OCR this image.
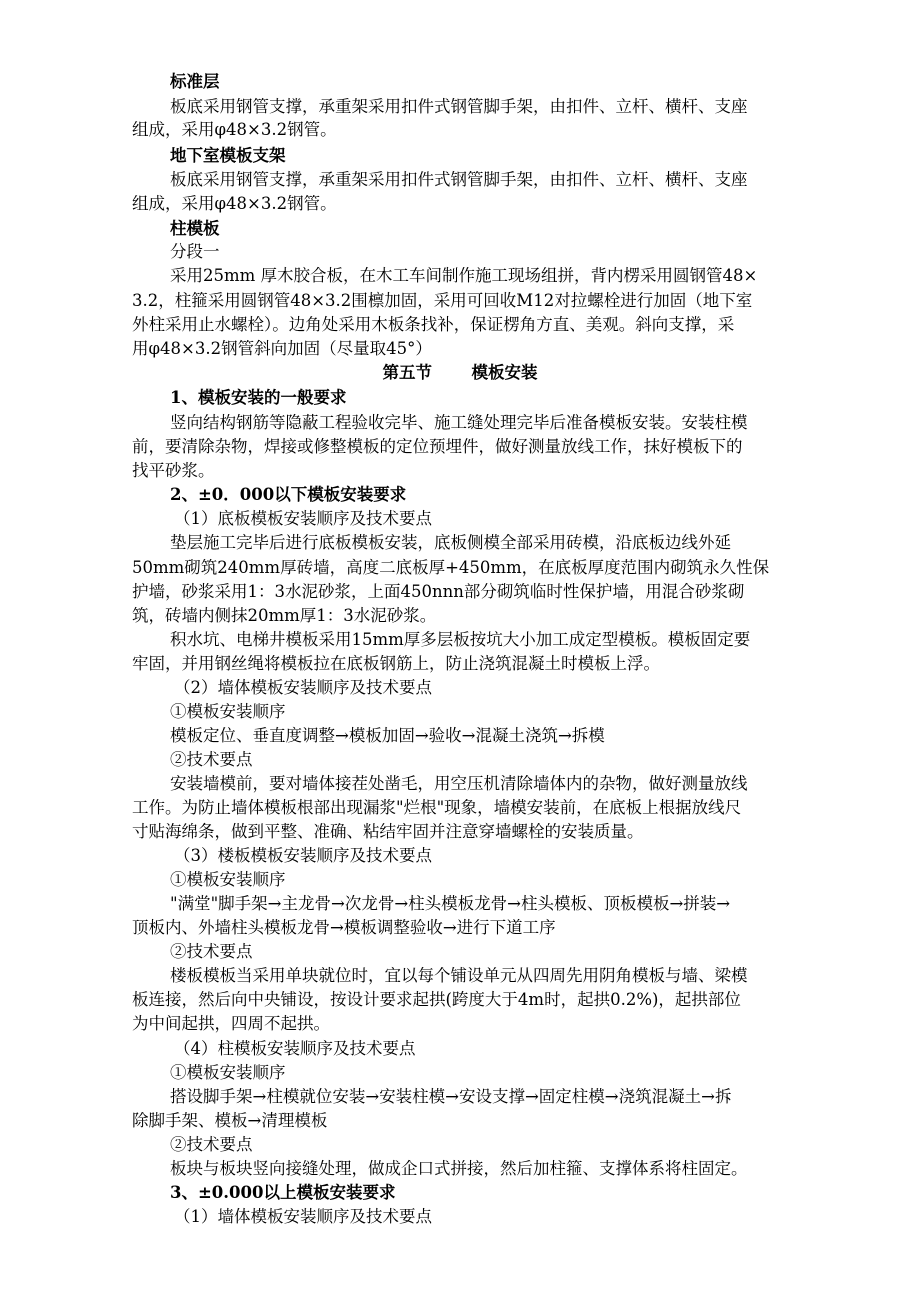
标准层
板底采用钢管支撑，承重架采用扣件式钢管脚手架，由扣件、立杆、横杆、支座
组成，采用φ48×3.2钢管。
地下室模板支架
板底采用钢管支撑，承重架采用扣件式钢管脚手架，由扣件、立杆、横杆、支座
组成，采用φ48×3.2钢管。
柱模板
分段一
采用25mm 厚木胶合板，在木工车间制作施工现场组拼，背内楞采用圆钢管48×
3.2，柱箍采用圆钢管48×3.2围檩加固，采用可回收M12对拉螺栓进行加固（地下室
外柱采用止水螺栓）。边角处采用木板条找补，保证楞角方直、美观。斜向支撑，采
用φ48×3.2钢管斜向加固（尽量取45°）
第五节 模板安装
1、模板安装的一般要求
竖向结构钢筋等隐蔽工程验收完毕、施工缝处理完毕后准备模板安装。安装柱模
前，要清除杂物，焊接或修整模板的定位预埋件，做好测量放线工作，抹好模板下的
找平砂浆。
2、±0．000以下模板安装要求
（1）底板模板安装顺序及技术要点
垫层施工完毕后进行底板模板安装，底板侧模全部采用砖模，沿底板边线外延
50mm砌筑240mm厚砖墙，高度二底板厚+450mm，在底板厚度范围内砌筑永久性保
护墙，砂浆采用1：3水泥砂浆，上面450nnn部分砌筑临时性保护墙，用混合砂浆砌
筑，砖墙内侧抹20mm厚1：3水泥砂浆。
积水坑、电梯井模板采用15mm厚多层板按坑大小加工成定型模板。模板固定要
牢固，并用钢丝绳将模板拉在底板钢筋上，防止浇筑混凝土时模板上浮。
（2）墙体模板安装顺序及技术要点
①模板安装顺序
模板定位、垂直度调整→模板加固→验收→混凝土浇筑→拆模
②技术要点
安装墙模前，要对墙体接茬处凿毛，用空压机清除墙体内的杂物，做好测量放线
工作。为防止墙体模板根部出现漏浆"烂根"现象，墙模安装前，在底板上根据放线尺
寸贴海绵条，做到平整、准确、粘结牢固并注意穿墙螺栓的安装质量。
（3）楼板模板安装顺序及技术要点
①模板安装顺序
"满堂"脚手架→主龙骨→次龙骨→柱头模板龙骨→柱头模板、顶板模板→拼装→
顶板内、外墙柱头模板龙骨→模板调整验收→进行下道工序
②技术要点
楼板模板当采用单块就位时，宜以每个铺设单元从四周先用阴角模板与墙、梁模
板连接，然后向中央铺设，按设计要求起拱(跨度大于4m时，起拱0.2%)，起拱部位
为中间起拱，四周不起拱。
（4）柱模板安装顺序及技术要点
①模板安装顺序
搭设脚手架→柱模就位安装→安装柱模→安设支撑→固定柱模→浇筑混凝土→拆
除脚手架、模板→清理模板
②技术要点
板块与板块竖向接缝处理，做成企口式拼接，然后加柱箍、支撑体系将柱固定。
3、±0.000以上模板安装要求
（1）墙体模板安装顺序及技术要点
